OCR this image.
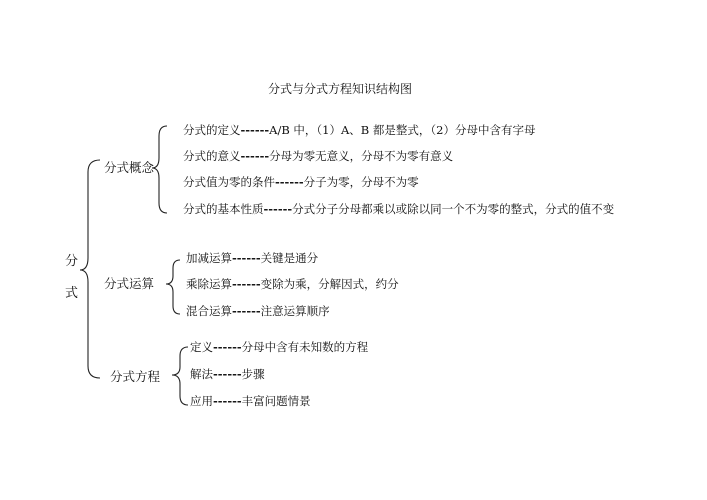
分式与分式方程知识结构图
分
式
分式概念
分式的定义------A/B 中，（1）A、B 都是整式，（2）分母中含有字母
分式的意义------分母为零无意义，分母不为零有意义
分式值为零的条件------分子为零，分母不为零
分式的基本性质------分式分子分母都乘以或除以同一个不为零的整式，分式的值不变
分式运算
加减运算------关键是通分
乘除运算------变除为乘，分解因式，约分
混合运算------注意运算顺序
分式方程
定义------分母中含有未知数的方程
解法------步骤
应用------丰富问题情景
